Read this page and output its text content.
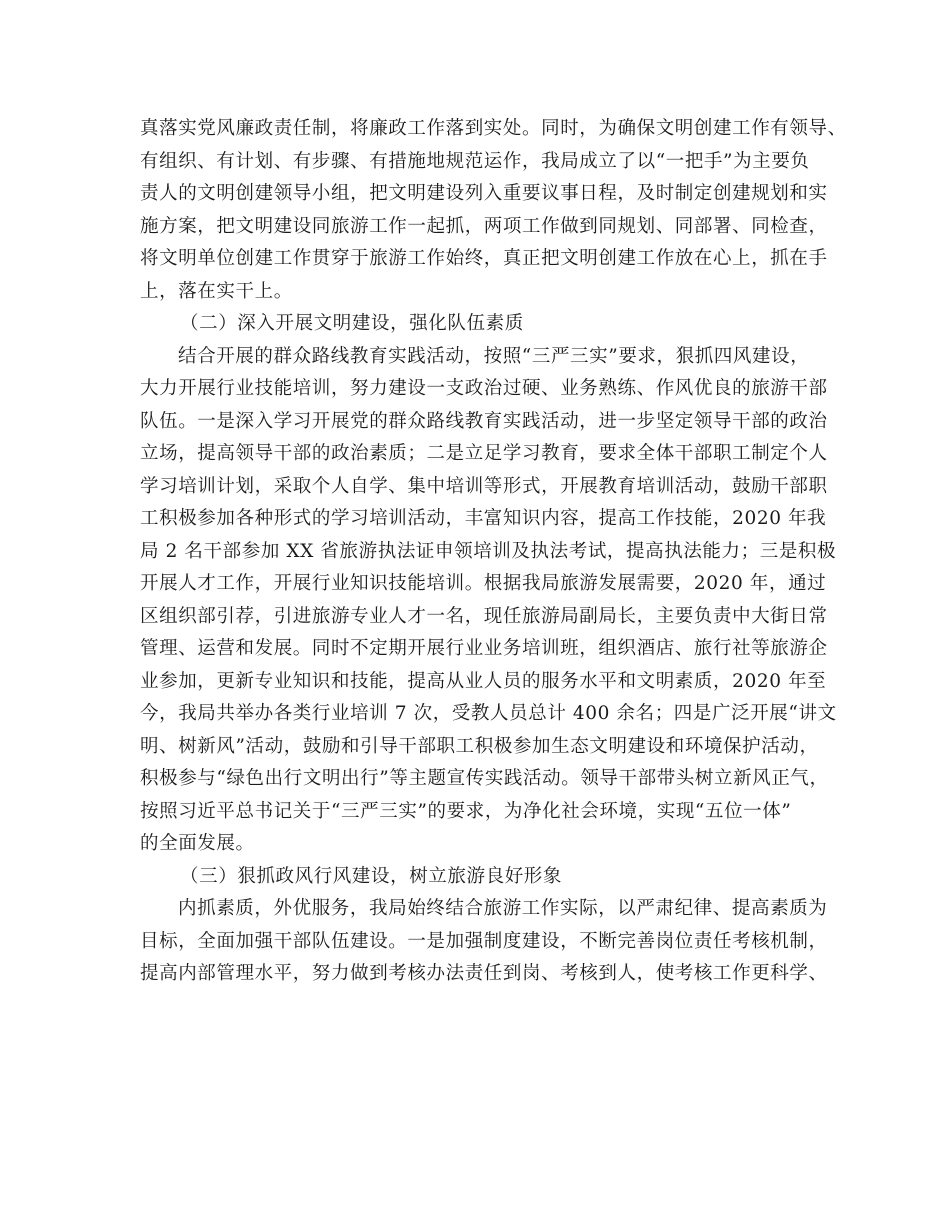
真落实党风廉政责任制，将廉政工作落到实处。同时，为确保文明创建工作有领导、
有组织、有计划、有步骤、有措施地规范运作，我局成立了以“一把手”为主要负
责人的文明创建领导小组，把文明建设列入重要议事日程，及时制定创建规划和实
施方案，把文明建设同旅游工作一起抓，两项工作做到同规划、同部署、同检查，
将文明单位创建工作贯穿于旅游工作始终，真正把文明创建工作放在心上，抓在手
上，落在实干上。
（二）深入开展文明建设，强化队伍素质
结合开展的群众路线教育实践活动，按照“三严三实”要求，狠抓四风建设，
大力开展行业技能培训，努力建设一支政治过硬、业务熟练、作风优良的旅游干部
队伍。一是深入学习开展党的群众路线教育实践活动，进一步坚定领导干部的政治
立场，提高领导干部的政治素质；二是立足学习教育，要求全体干部职工制定个人
学习培训计划，采取个人自学、集中培训等形式，开展教育培训活动，鼓励干部职
工积极参加各种形式的学习培训活动，丰富知识内容，提高工作技能，2020 年我
局 2 名干部参加 XX 省旅游执法证申领培训及执法考试，提高执法能力；三是积极
开展人才工作，开展行业知识技能培训。根据我局旅游发展需要，2020 年，通过
区组织部引荐，引进旅游专业人才一名，现任旅游局副局长，主要负责中大街日常
管理、运营和发展。同时不定期开展行业业务培训班，组织酒店、旅行社等旅游企
业参加，更新专业知识和技能，提高从业人员的服务水平和文明素质，2020 年至
今，我局共举办各类行业培训 7 次，受教人员总计 400 余名；四是广泛开展“讲文
明、树新风”活动，鼓励和引导干部职工积极参加生态文明建设和环境保护活动，
积极参与“绿色出行文明出行”等主题宣传实践活动。领导干部带头树立新风正气，
按照习近平总书记关于“三严三实”的要求，为净化社会环境，实现“五位一体”
的全面发展。
（三）狠抓政风行风建设，树立旅游良好形象
内抓素质，外优服务，我局始终结合旅游工作实际，以严肃纪律、提高素质为
目标，全面加强干部队伍建设。一是加强制度建设，不断完善岗位责任考核机制，
提高内部管理水平，努力做到考核办法责任到岗、考核到人，使考核工作更科学、
